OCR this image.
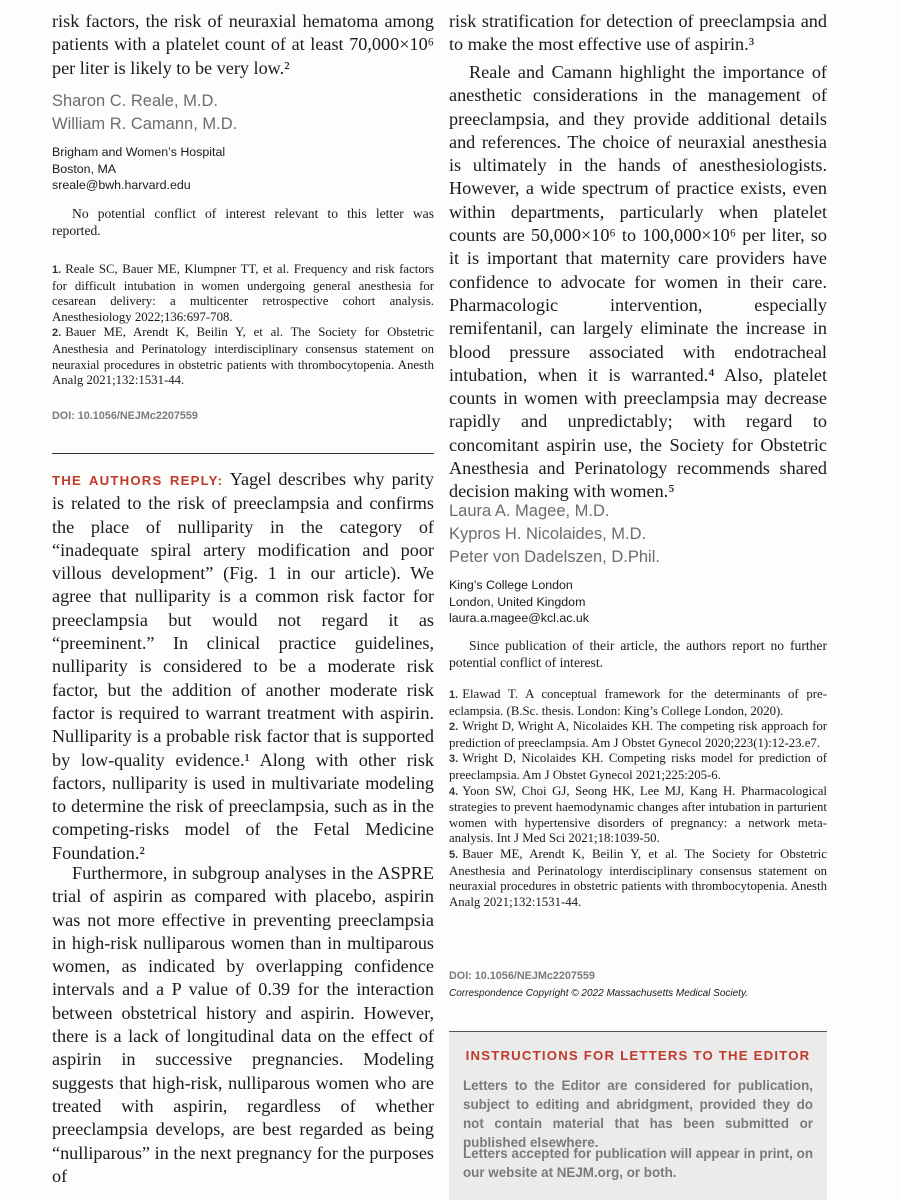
risk factors, the risk of neuraxial hematoma among patients with a platelet count of at least 70,000×10⁶ per liter is likely to be very low.²

Sharon C. Reale, M.D.
William R. Camann, M.D.
Brigham and Women’s Hospital
Boston, MA
sreale@bwh.harvard.edu

No potential conflict of interest relevant to this letter was reported.

1. Reale SC, Bauer ME, Klumpner TT, et al. Frequency and risk factors for difficult intubation in women undergoing general anesthesia for cesarean delivery: a multicenter retrospective cohort analysis. Anesthesiology 2022;136:697-708.
2. Bauer ME, Arendt K, Beilin Y, et al. The Society for Obstetric Anesthesia and Perinatology interdisciplinary consensus statement on neuraxial procedures in obstetric patients with thrombocytopenia. Anesth Analg 2021;132:1531-44.
DOI: 10.1056/NEJMc2207559

THE AUTHORS REPLY: Yagel describes why parity is related to the risk of preeclampsia and confirms the place of nulliparity in the category of “inadequate spiral artery modification and poor villous development” (Fig. 1 in our article). We agree that nulliparity is a common risk factor for preeclampsia but would not regard it as “preeminent.” In clinical practice guidelines, nulliparity is considered to be a moderate risk factor, but the addition of another moderate risk factor is required to warrant treatment with aspirin. Nulliparity is a probable risk factor that is supported by low-quality evidence.¹ Along with other risk factors, nulliparity is used in multivariate modeling to determine the risk of preeclampsia, such as in the competing-risks model of the Fetal Medicine Foundation.²

Furthermore, in subgroup analyses in the ASPRE trial of aspirin as compared with placebo, aspirin was not more effective in preventing preeclampsia in high-risk nulliparous women than in multiparous women, as indicated by overlapping confidence intervals and a P value of 0.39 for the interaction between obstetrical history and aspirin. However, there is a lack of longitudinal data on the effect of aspirin in successive pregnancies. Modeling suggests that high-risk, nulliparous women who are treated with aspirin, regardless of whether preeclampsia develops, are best regarded as being “nulliparous” in the next pregnancy for the purposes of

risk stratification for detection of preeclampsia and to make the most effective use of aspirin.³

Reale and Camann highlight the importance of anesthetic considerations in the management of preeclampsia, and they provide additional details and references. The choice of neuraxial anesthesia is ultimately in the hands of anesthesiologists. However, a wide spectrum of practice exists, even within departments, particularly when platelet counts are 50,000×10⁶ to 100,000×10⁶ per liter, so it is important that maternity care providers have confidence to advocate for women in their care. Pharmacologic intervention, especially remifentanil, can largely eliminate the increase in blood pressure associated with endotracheal intubation, when it is warranted.⁴ Also, platelet counts in women with preeclampsia may decrease rapidly and unpredictably; with regard to concomitant aspirin use, the Society for Obstetric Anesthesia and Perinatology recommends shared decision making with women.⁵

Laura A. Magee, M.D.
Kypros H. Nicolaides, M.D.
Peter von Dadelszen, D.Phil.
King’s College London
London, United Kingdom
laura.a.magee@kcl.ac.uk

Since publication of their article, the authors report no further potential conflict of interest.

1. Elawad T. A conceptual framework for the determinants of pre-eclampsia. (B.Sc. thesis. London: King’s College London, 2020).
2. Wright D, Wright A, Nicolaides KH. The competing risk approach for prediction of preeclampsia. Am J Obstet Gynecol 2020;223(1):12-23.e7.
3. Wright D, Nicolaides KH. Competing risks model for prediction of preeclampsia. Am J Obstet Gynecol 2021;225:205-6.
4. Yoon SW, Choi GJ, Seong HK, Lee MJ, Kang H. Pharmacological strategies to prevent haemodynamic changes after intubation in parturient women with hypertensive disorders of pregnancy: a network meta-analysis. Int J Med Sci 2021;18:1039-50.
5. Bauer ME, Arendt K, Beilin Y, et al. The Society for Obstetric Anesthesia and Perinatology interdisciplinary consensus statement on neuraxial procedures in obstetric patients with thrombocytopenia. Anesth Analg 2021;132:1531-44.
DOI: 10.1056/NEJMc2207559
Correspondence Copyright © 2022 Massachusetts Medical Society.
INSTRUCTIONS FOR LETTERS TO THE EDITOR

Letters to the Editor are considered for publication, subject to editing and abridgment, provided they do not contain material that has been submitted or published elsewhere.

Letters accepted for publication will appear in print, on our website at NEJM.org, or both.
